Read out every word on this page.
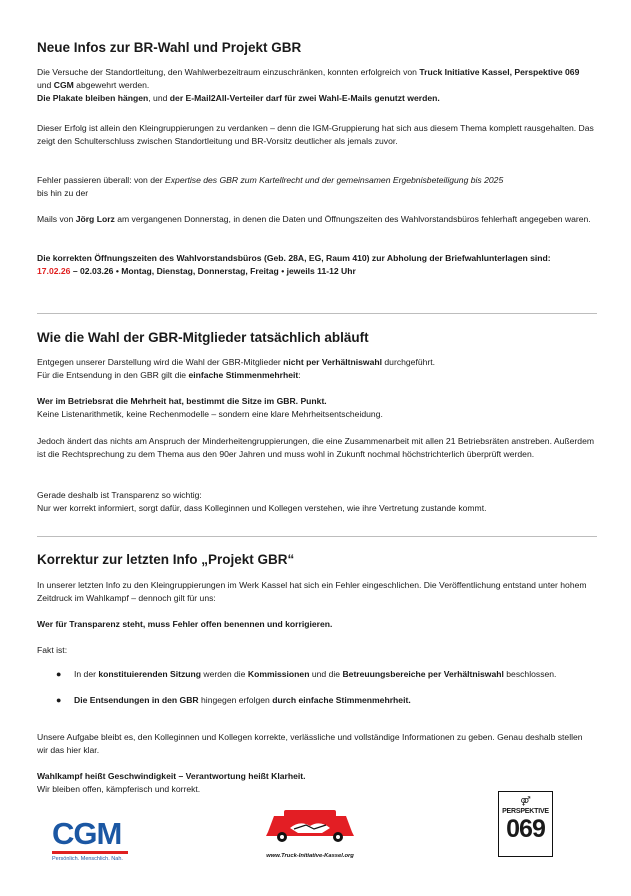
Neue Infos zur BR-Wahl und Projekt GBR

Die Versuche der Standortleitung, den Wahlwerbezeitraum einzuschränken, konnten erfolgreich von Truck Initiative Kassel, Perspektive 069 und CGM abgewehrt werden.
Die Plakate bleiben hängen, und der E-Mail2All-Verteiler darf für zwei Wahl-E-Mails genutzt werden.

Dieser Erfolg ist allein den Kleingruppierungen zu verdanken – denn die IGM-Gruppierung hat sich aus diesem Thema komplett rausgehalten. Das zeigt den Schulterschluss zwischen Standortleitung und BR-Vorsitz deutlicher als jemals zuvor.

Fehler passieren überall: von der Expertise des GBR zum Kartellrecht und der gemeinsamen Ergebnisbeteiligung bis 2025
bis hin zu der

Mails von Jörg Lorz am vergangenen Donnerstag, in denen die Daten und Öffnungszeiten des Wahlvorstandsbüros fehlerhaft angegeben waren.

Die korrekten Öffnungszeiten des Wahlvorstandsbüros (Geb. 28A, EG, Raum 410) zur Abholung der Briefwahlunterlagen sind:
17.02.26 – 02.03.26 • Montag, Dienstag, Donnerstag, Freitag • jeweils 11-12 Uhr

Wie die Wahl der GBR-Mitglieder tatsächlich abläuft

Entgegen unserer Darstellung wird die Wahl der GBR-Mitglieder nicht per Verhältniswahl durchgeführt.
Für die Entsendung in den GBR gilt die einfache Stimmenmehrheit:

Wer im Betriebsrat die Mehrheit hat, bestimmt die Sitze im GBR. Punkt.
Keine Listenarithmetik, keine Rechenmodelle – sondern eine klare Mehrheitsentscheidung.

Jedoch ändert das nichts am Anspruch der Minderheitengruppierungen, die eine Zusammenarbeit mit allen 21 Betriebsräten anstreben. Außerdem ist die Rechtsprechung zu dem Thema aus den 90er Jahren und muss wohl in Zukunft nochmal höchstrichterlich überprüft werden.

Gerade deshalb ist Transparenz so wichtig:
Nur wer korrekt informiert, sorgt dafür, dass Kolleginnen und Kollegen verstehen, wie ihre Vertretung zustande kommt.

Korrektur zur letzten Info „Projekt GBR“

In unserer letzten Info zu den Kleingruppierungen im Werk Kassel hat sich ein Fehler eingeschlichen. Die Veröffentlichung entstand unter hohem Zeitdruck im Wahlkampf – dennoch gilt für uns:

Wer für Transparenz steht, muss Fehler offen benennen und korrigieren.

Fakt ist:

● In der konstituierenden Sitzung werden die Kommissionen und die Betreuungsbereiche per Verhältniswahl beschlossen.
● Die Entsendungen in den GBR hingegen erfolgen durch einfache Stimmenmehrheit.

Unsere Aufgabe bleibt es, den Kolleginnen und Kollegen korrekte, verlässliche und vollständige Informationen zu geben. Genau deshalb stellen wir das hier klar.

Wahlkampf heißt Geschwindigkeit – Verantwortung heißt Klarheit.
Wir bleiben offen, kämpferisch und korrekt.

CGM
Persönlich. Menschlich. Nah.	www.Truck-Initiative-Kassel.org
⚤
PERSPEKTIVE
069
